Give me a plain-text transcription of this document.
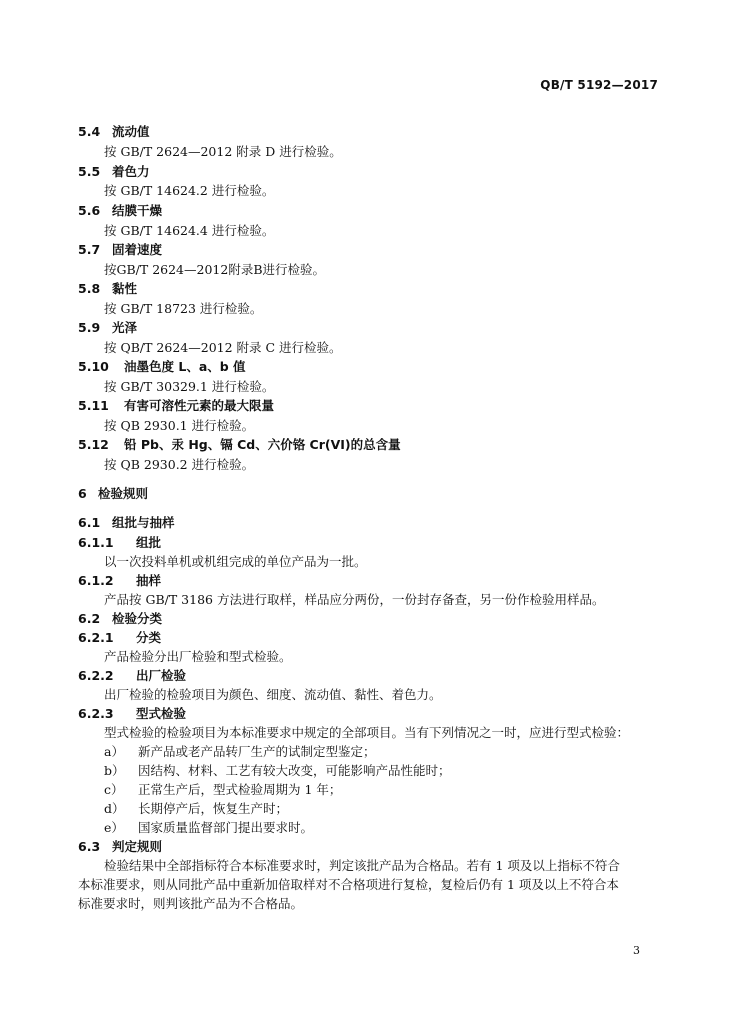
QB/T 5192—2017
5.4 流动值
按 GB/T 2624—2012 附录 D 进行检验。
5.5 着色力
按 GB/T 14624.2 进行检验。
5.6 结膜干燥
按 GB/T 14624.4 进行检验。
5.7 固着速度
按GB/T 2624—2012附录B进行检验。
5.8 黏性
按 GB/T 18723 进行检验。
5.9 光泽
按 QB/T 2624—2012 附录 C 进行检验。
5.10 油墨色度 L、a、b 值
按 GB/T 30329.1 进行检验。
5.11 有害可溶性元素的最大限量
按 QB 2930.1 进行检验。
5.12 铅 Pb、汞 Hg、镉 Cd、六价铬 Cr(VI)的总含量
按 QB 2930.2 进行检验。
6 检验规则
6.1 组批与抽样
6.1.1 组批
以一次投料单机或机组完成的单位产品为一批。
6.1.2 抽样
产品按 GB/T 3186 方法进行取样，样品应分两份，一份封存备查，另一份作检验用样品。
6.2 检验分类
6.2.1 分类
产品检验分出厂检验和型式检验。
6.2.2 出厂检验
出厂检验的检验项目为颜色、细度、流动值、黏性、着色力。
6.2.3 型式检验
型式检验的检验项目为本标准要求中规定的全部项目。当有下列情况之一时，应进行型式检验：
a） 新产品或老产品转厂生产的试制定型鉴定；
b） 因结构、材料、工艺有较大改变，可能影响产品性能时；
c） 正常生产后，型式检验周期为 1 年；
d） 长期停产后，恢复生产时；
e） 国家质量监督部门提出要求时。
6.3 判定规则
检验结果中全部指标符合本标准要求时，判定该批产品为合格品。若有 1 项及以上指标不符合
本标准要求，则从同批产品中重新加倍取样对不合格项进行复检，复检后仍有 1 项及以上不符合本
标准要求时，则判该批产品为不合格品。
3
